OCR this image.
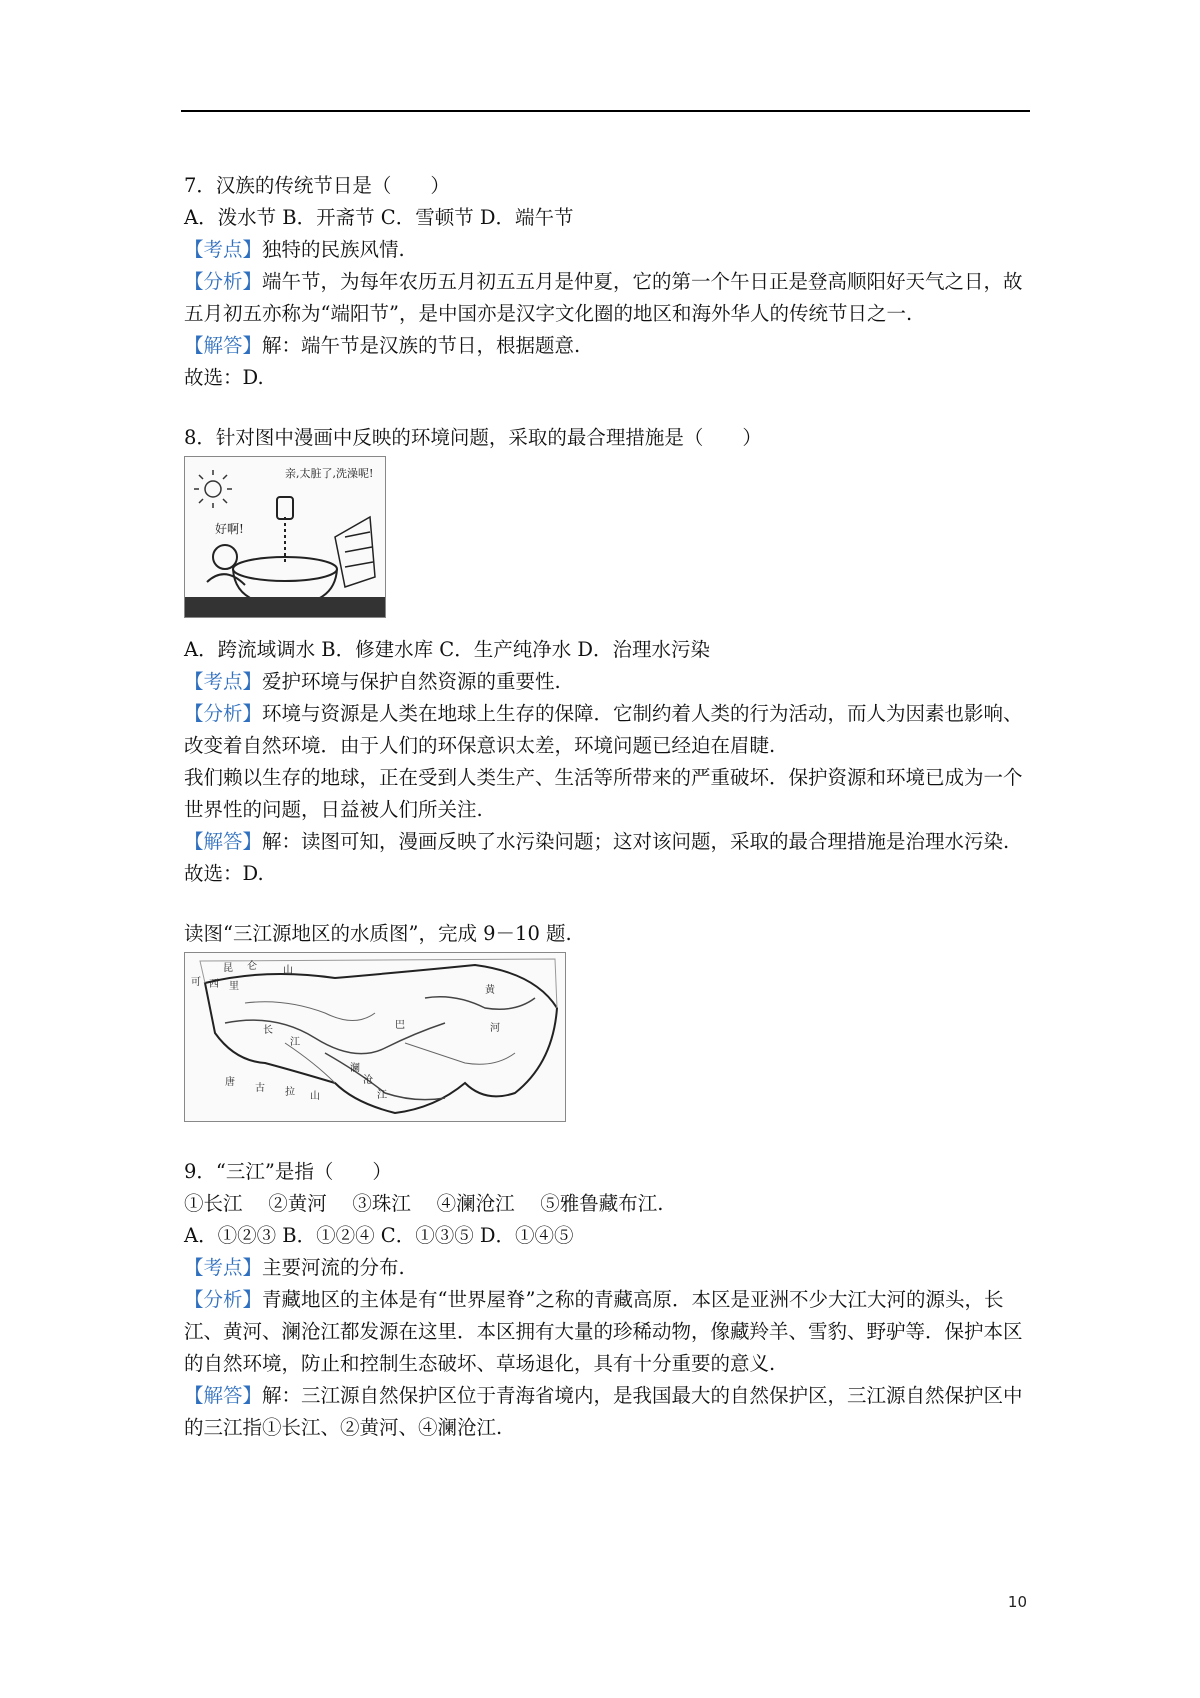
7．汉族的传统节日是（　　）
A．泼水节 B．开斋节 C．雪顿节 D．端午节
【考点】独特的民族风情.
【分析】端午节，为每年农历五月初五五月是仲夏，它的第一个午日正是登高顺阳好天气之日，故五月初五亦称为“端阳节”，是中国亦是汉字文化圈的地区和海外华人的传统节日之一.
【解答】解：端午节是汉族的节日，根据题意.
故选：D.
8．针对图中漫画中反映的环境问题，采取的最合理措施是（　　）
好啊!
亲,太脏了,洗澡呢!
A．跨流域调水 B．修建水库 C．生产纯净水 D．治理水污染
【考点】爱护环境与保护自然资源的重要性.
【分析】环境与资源是人类在地球上生存的保障．它制约着人类的行为活动，而人为因素也影响、改变着自然环境．由于人们的环保意识太差，环境问题已经迫在眉睫.
我们赖以生存的地球，正在受到人类生产、生活等所带来的严重破坏．保护资源和环境已成为一个世界性的问题，日益被人们所关注.
【解答】解：读图可知，漫画反映了水污染问题；这对该问题，采取的最合理措施是治理水污染.
故选：D.
读图“三江源地区的水质图”，完成 9－10 题.
昆 仑	山
可 西 里
长
江
巴
澜
沧
江
唐
古 拉 山
黄
河
9．“三江”是指（　　）
①长江　 ②黄河　 ③珠江　 ④澜沧江　 ⑤雅鲁藏布江.
A．①②③ B．①②④ C．①③⑤ D．①④⑤
【考点】主要河流的分布.
【分析】青藏地区的主体是有“世界屋脊”之称的青藏高原．本区是亚洲不少大江大河的源头，长江、黄河、澜沧江都发源在这里．本区拥有大量的珍稀动物，像藏羚羊、雪豹、野驴等．保护本区的自然环境，防止和控制生态破坏、草场退化，具有十分重要的意义.
【解答】解：三江源自然保护区位于青海省境内，是我国最大的自然保护区，三江源自然保护区中的三江指①长江、②黄河、④澜沧江.
10
